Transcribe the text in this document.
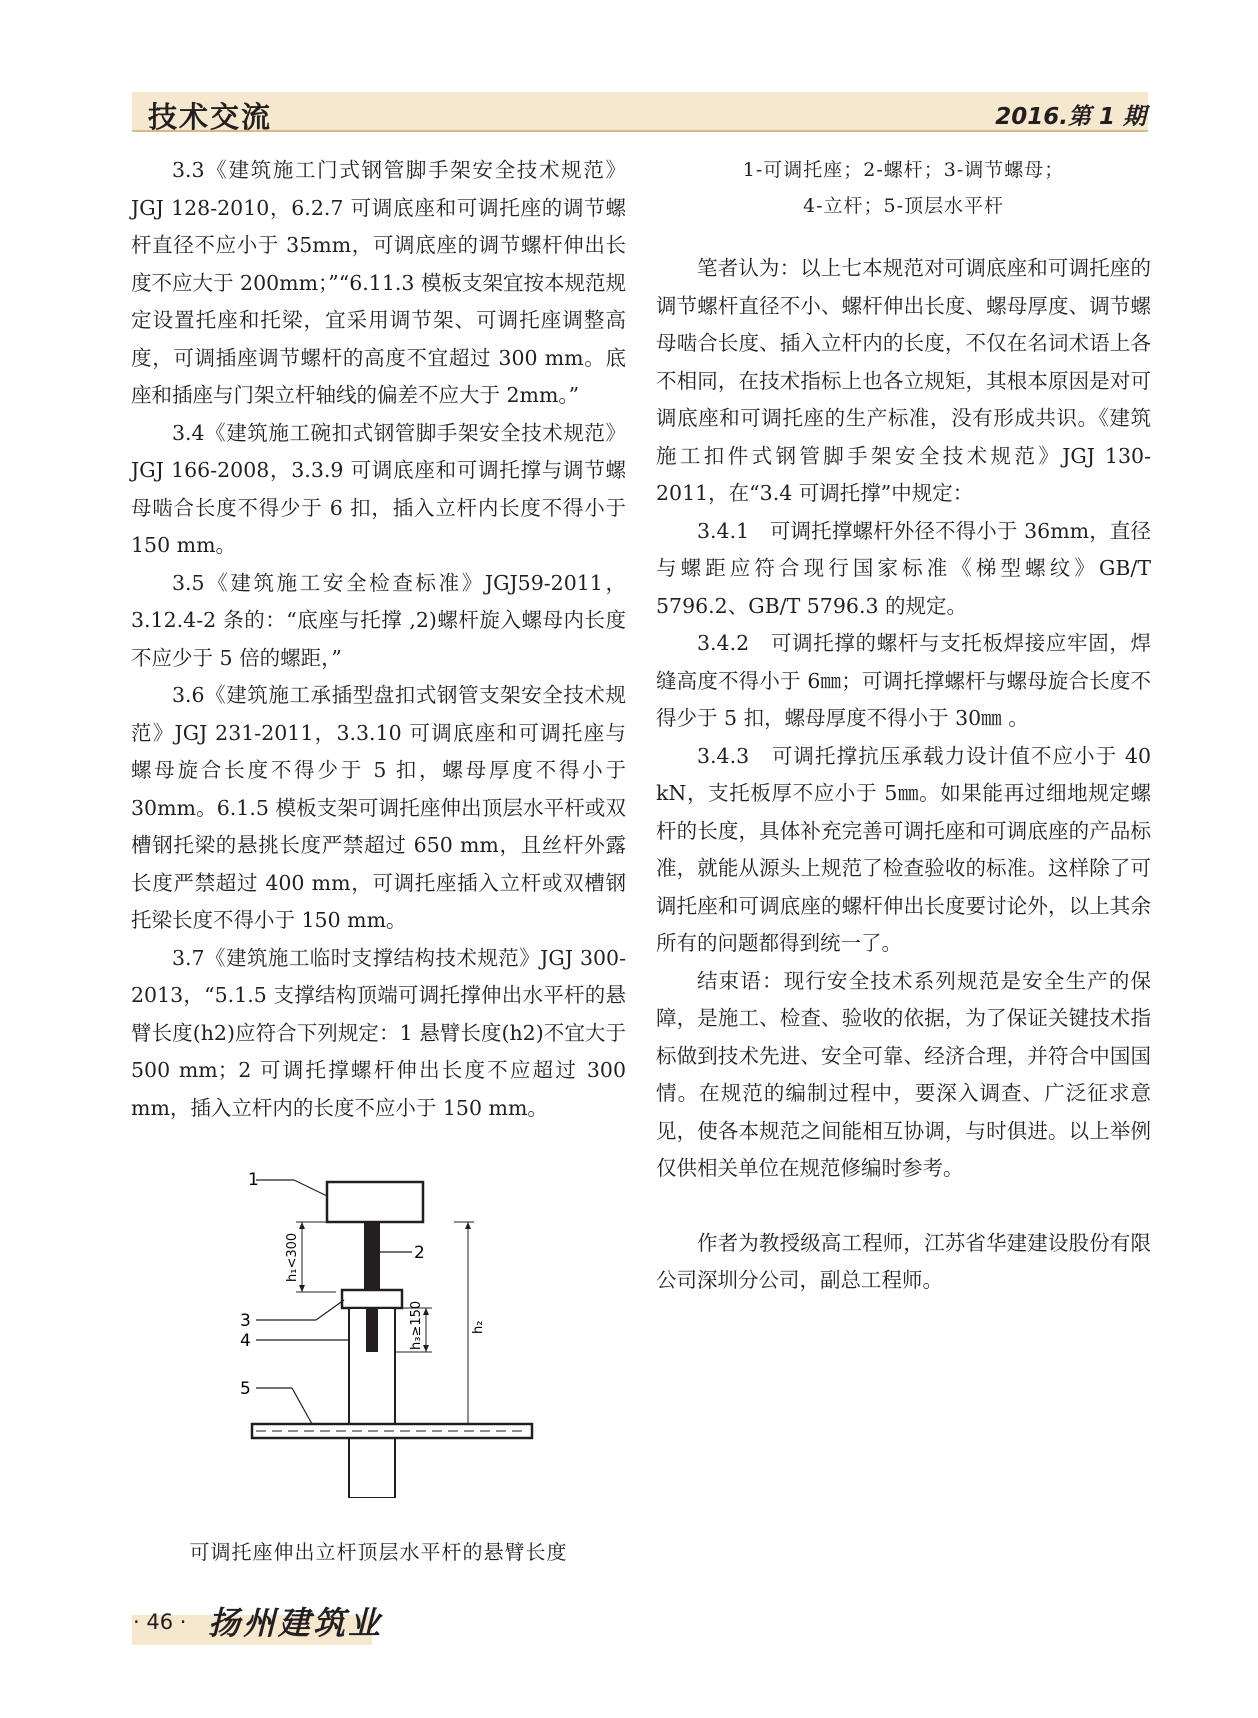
技术交流	2016.第 1 期

3.3《建筑施工门式钢管脚手架安全技术规范》JGJ 128-2010，6.2.7 可调底座和可调托座的调节螺杆直径不应小于 35mm，可调底座的调节螺杆伸出长度不应大于 200mm；”“6.11.3 模板支架宜按本规范规定设置托座和托梁，宜采用调节架、可调托座调整高度，可调插座调节螺杆的高度不宜超过 300 mm。底座和插座与门架立杆轴线的偏差不应大于 2mm。”

3.4《建筑施工碗扣式钢管脚手架安全技术规范》JGJ 166-2008，3.3.9 可调底座和可调托撑与调节螺母啮合长度不得少于 6 扣，插入立杆内长度不得小于 150 mm。

3.5《建筑施工安全检查标准》JGJ59-2011，3.12.4-2 条的：“底座与托撑 ,2)螺杆旋入螺母内长度不应少于 5 倍的螺距，”

3.6《建筑施工承插型盘扣式钢管支架安全技术规范》JGJ 231-2011，3.3.10 可调底座和可调托座与螺母旋合长度不得少于 5 扣，螺母厚度不得小于 30mm。6.1.5 模板支架可调托座伸出顶层水平杆或双槽钢托梁的悬挑长度严禁超过 650 mm，且丝杆外露长度严禁超过 400 mm，可调托座插入立杆或双槽钢托梁长度不得小于 150 mm。

3.7《建筑施工临时支撑结构技术规范》JGJ 300-2013，“5.1.5 支撑结构顶端可调托撑伸出水平杆的悬臂长度(h2)应符合下列规定：1 悬臂长度(h2)不宜大于 500 mm；2 可调托撑螺杆伸出长度不应超过 300 mm，插入立杆内的长度不应小于 150 mm。

1
h₁<300	2
h₃≥150	h₂
3
4
5
可调托座伸出立杆顶层水平杆的悬臂长度
1-可调托座；2-螺杆；3-调节螺母；
4-立杆；5-顶层水平杆

笔者认为：以上七本规范对可调底座和可调托座的调节螺杆直径不小、螺杆伸出长度、螺母厚度、调节螺母啮合长度、插入立杆内的长度，不仅在名词术语上各不相同，在技术指标上也各立规矩，其根本原因是对可调底座和可调托座的生产标准，没有形成共识。《建筑施工扣件式钢管脚手架安全技术规范》JGJ 130-2011，在“3.4 可调托撑”中规定：

3.4.1　可调托撑螺杆外径不得小于 36mm，直径与螺距应符合现行国家标准《梯型螺纹》GB/T 5796.2、GB/T 5796.3 的规定。

3.4.2　可调托撑的螺杆与支托板焊接应牢固，焊缝高度不得小于 6㎜；可调托撑螺杆与螺母旋合长度不得少于 5 扣，螺母厚度不得小于 30㎜ 。

3.4.3　可调托撑抗压承载力设计值不应小于 40 kN，支托板厚不应小于 5㎜。如果能再过细地规定螺杆的长度，具体补充完善可调托座和可调底座的产品标准，就能从源头上规范了检查验收的标准。这样除了可调托座和可调底座的螺杆伸出长度要讨论外，以上其余所有的问题都得到统一了。

结束语：现行安全技术系列规范是安全生产的保障，是施工、检查、验收的依据，为了保证关键技术指标做到技术先进、安全可靠、经济合理，并符合中国国情。在规范的编制过程中，要深入调查、广泛征求意见，使各本规范之间能相互协调，与时俱进。以上举例仅供相关单位在规范修编时参考。

作者为教授级高工程师，江苏省华建建设股份有限公司深圳分公司，副总工程师。

· 46 · 扬州建筑业
